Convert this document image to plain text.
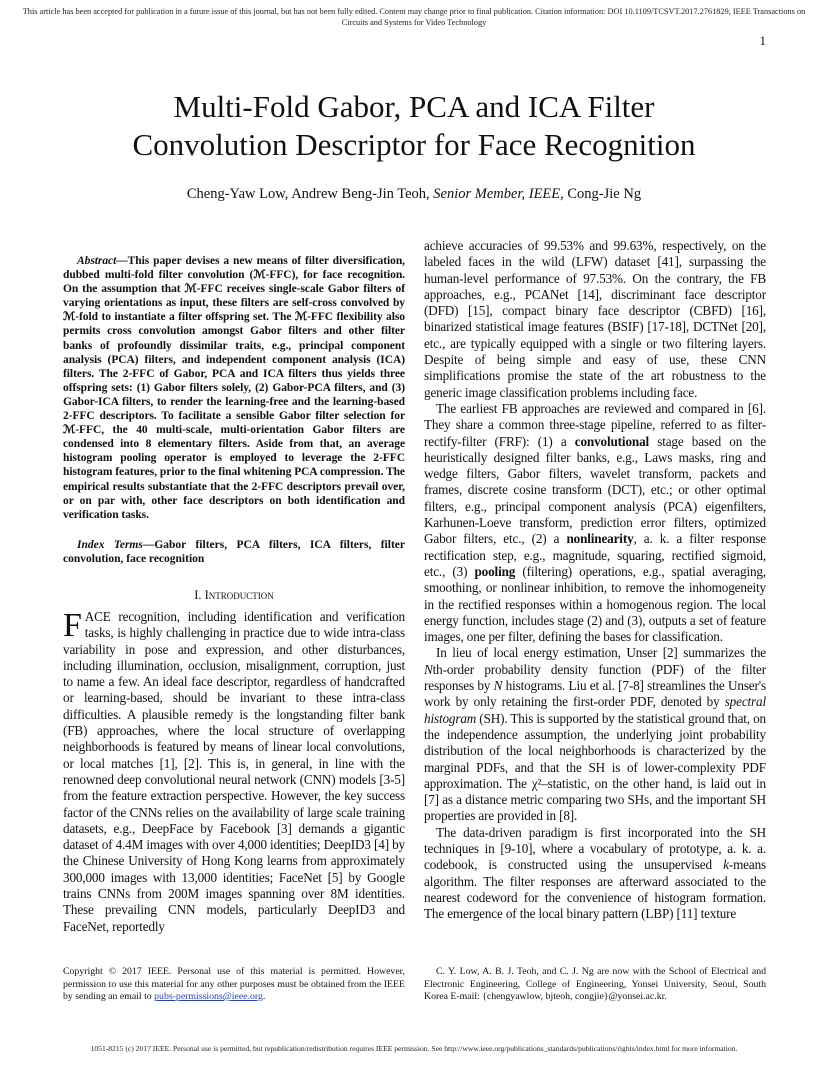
This article has been accepted for publication in a future issue of this journal, but has not been fully edited. Content may change prior to final publication. Citation information: DOI 10.1109/TCSVT.2017.2761829, IEEE Transactions on Circuits and Systems for Video Technology
1
Multi-Fold Gabor, PCA and ICA Filter
Convolution Descriptor for Face Recognition

Cheng-Yaw Low, Andrew Beng-Jin Teoh, Senior Member, IEEE, Cong-Jie Ng

Abstract—This paper devises a new means of filter diversification, dubbed multi-fold filter convolution (ℳ-FFC), for face recognition. On the assumption that ℳ-FFC receives single-scale Gabor filters of varying orientations as input, these filters are self-cross convolved by ℳ-fold to instantiate a filter offspring set. The ℳ-FFC flexibility also permits cross convolution amongst Gabor filters and other filter banks of profoundly dissimilar traits, e.g., principal component analysis (PCA) filters, and independent component analysis (ICA) filters. The 2-FFC of Gabor, PCA and ICA filters thus yields three offspring sets: (1) Gabor filters solely, (2) Gabor-PCA filters, and (3) Gabor-ICA filters, to render the learning-free and the learning-based 2-FFC descriptors. To facilitate a sensible Gabor filter selection for ℳ-FFC, the 40 multi-scale, multi-orientation Gabor filters are condensed into 8 elementary filters. Aside from that, an average histogram pooling operator is employed to leverage the 2-FFC histogram features, prior to the final whitening PCA compression. The empirical results substantiate that the 2-FFC descriptors prevail over, or on par with, other face descriptors on both identification and verification tasks.

Index Terms—Gabor filters, PCA filters, ICA filters, filter convolution, face recognition

I. Introduction

FACE recognition, including identification and verification tasks, is highly challenging in practice due to wide intra-class variability in pose and expression, and other disturbances, including illumination, occlusion, misalignment, corruption, just to name a few. An ideal face descriptor, regardless of handcrafted or learning-based, should be invariant to these intra-class difficulties. A plausible remedy is the longstanding filter bank (FB) approaches, where the local structure of overlapping neighborhoods is featured by means of linear local convolutions, or local matches [1], [2]. This is, in general, in line with the renowned deep convolutional neural network (CNN) models [3-5] from the feature extraction perspective. However, the key success factor of the CNNs relies on the availability of large scale training datasets, e.g., DeepFace by Facebook [3] demands a gigantic dataset of 4.4M images with over 4,000 identities; DeepID3 [4] by the Chinese University of Hong Kong learns from approximately 300,000 images with 13,000 identities; FaceNet [5] by Google trains CNNs from 200M images spanning over 8M identities. These prevailing CNN models, particularly DeepID3 and FaceNet, reportedly

achieve accuracies of 99.53% and 99.63%, respectively, on the labeled faces in the wild (LFW) dataset [41], surpassing the human-level performance of 97.53%. On the contrary, the FB approaches, e.g., PCANet [14], discriminant face descriptor (DFD) [15], compact binary face descriptor (CBFD) [16], binarized statistical image features (BSIF) [17-18], DCTNet [20], etc., are typically equipped with a single or two filtering layers. Despite of being simple and easy of use, these CNN simplifications promise the state of the art robustness to the generic image classification problems including face.

The earliest FB approaches are reviewed and compared in [6]. They share a common three-stage pipeline, referred to as filter-rectify-filter (FRF): (1) a convolutional stage based on the heuristically designed filter banks, e.g., Laws masks, ring and wedge filters, Gabor filters, wavelet transform, packets and frames, discrete cosine transform (DCT), etc.; or other optimal filters, e.g., principal component analysis (PCA) eigenfilters, Karhunen-Loeve transform, prediction error filters, optimized Gabor filters, etc., (2) a nonlinearity, a. k. a filter response rectification step, e.g., magnitude, squaring, rectified sigmoid, etc., (3) pooling (filtering) operations, e.g., spatial averaging, smoothing, or nonlinear inhibition, to remove the inhomogeneity in the rectified responses within a homogenous region. The local energy function, includes stage (2) and (3), outputs a set of feature images, one per filter, defining the bases for classification.

In lieu of local energy estimation, Unser [2] summarizes the Nth-order probability density function (PDF) of the filter responses by N histograms. Liu et al. [7-8] streamlines the Unser's work by only retaining the first-order PDF, denoted by spectral histogram (SH). This is supported by the statistical ground that, on the independence assumption, the underlying joint probability distribution of the local neighborhoods is characterized by the marginal PDFs, and that the SH is of lower-complexity PDF approximation. The χ²–statistic, on the other hand, is laid out in [7] as a distance metric comparing two SHs, and the important SH properties are provided in [8].

The data-driven paradigm is first incorporated into the SH techniques in [9-10], where a vocabulary of prototype, a. k. a. codebook, is constructed using the unsupervised k-means algorithm. The filter responses are afterward associated to the nearest codeword for the convenience of histogram formation. The emergence of the local binary pattern (LBP) [11] texture

Copyright © 2017 IEEE. Personal use of this material is permitted. However, permission to use this material for any other purposes must be obtained from the IEEE by sending an email to pubs-permissions@ieee.org.

C. Y. Low, A. B. J. Teoh, and C. J. Ng are now with the School of Electrical and Electronic Engineering, College of Engineering, Yonsei University, Seoul, South Korea E-mail: {chengyawlow, bjteoh, congjie}@yonsei.ac.kr.

1051-8215 (c) 2017 IEEE. Personal use is permitted, but republication/redistribution requires IEEE permission. See http://www.ieee.org/publications_standards/publications/rights/index.html for more information.
